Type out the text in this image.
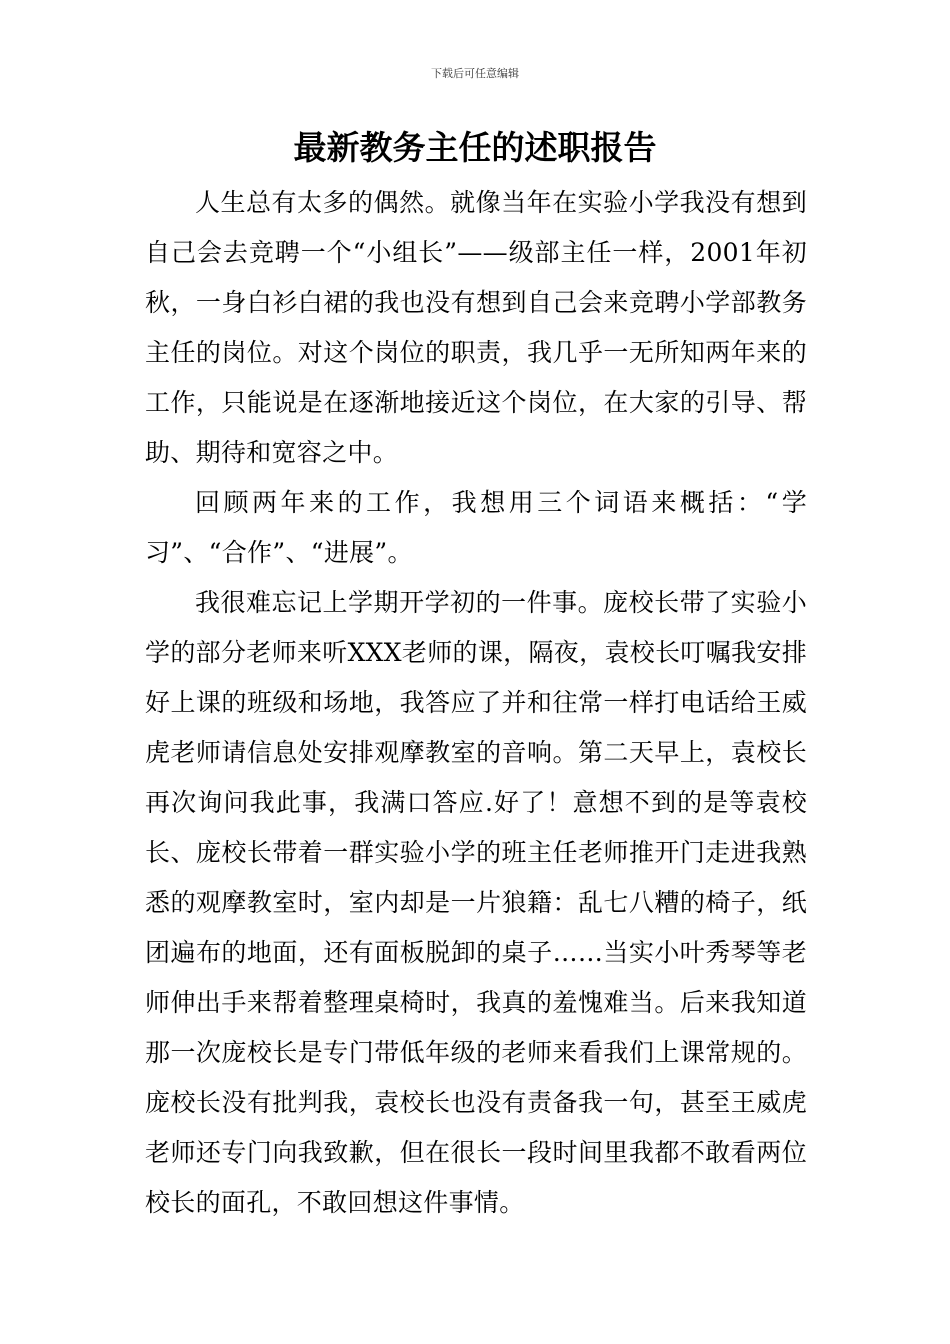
下载后可任意编辑
最新教务主任的述职报告

人生总有太多的偶然。就像当年在实验小学我没有想到自己会去竞聘一个“小组长”——级部主任一样，2001年初秋，一身白衫白裙的我也没有想到自己会来竞聘小学部教务主任的岗位。对这个岗位的职责，我几乎一无所知两年来的工作，只能说是在逐渐地接近这个岗位，在大家的引导、帮助、期待和宽容之中。

回顾两年来的工作，我想用三个词语来概括：“学习”、“合作”、“进展”。

我很难忘记上学期开学初的一件事。庞校长带了实验小学的部分老师来听XXX老师的课，隔夜，袁校长叮嘱我安排好上课的班级和场地，我答应了并和往常一样打电话给王威虎老师请信息处安排观摩教室的音响。第二天早上，袁校长再次询问我此事，我满口答应.好了！意想不到的是等袁校长、庞校长带着一群实验小学的班主任老师推开门走进我熟悉的观摩教室时，室内却是一片狼籍：乱七八糟的椅子，纸团遍布的地面，还有面板脱卸的桌子……当实小叶秀琴等老师伸出手来帮着整理桌椅时，我真的羞愧难当。后来我知道那一次庞校长是专门带低年级的老师来看我们上课常规的。庞校长没有批判我，袁校长也没有责备我一句，甚至王威虎老师还专门向我致歉，但在很长一段时间里我都不敢看两位校长的面孔，不敢回想这件事情。
